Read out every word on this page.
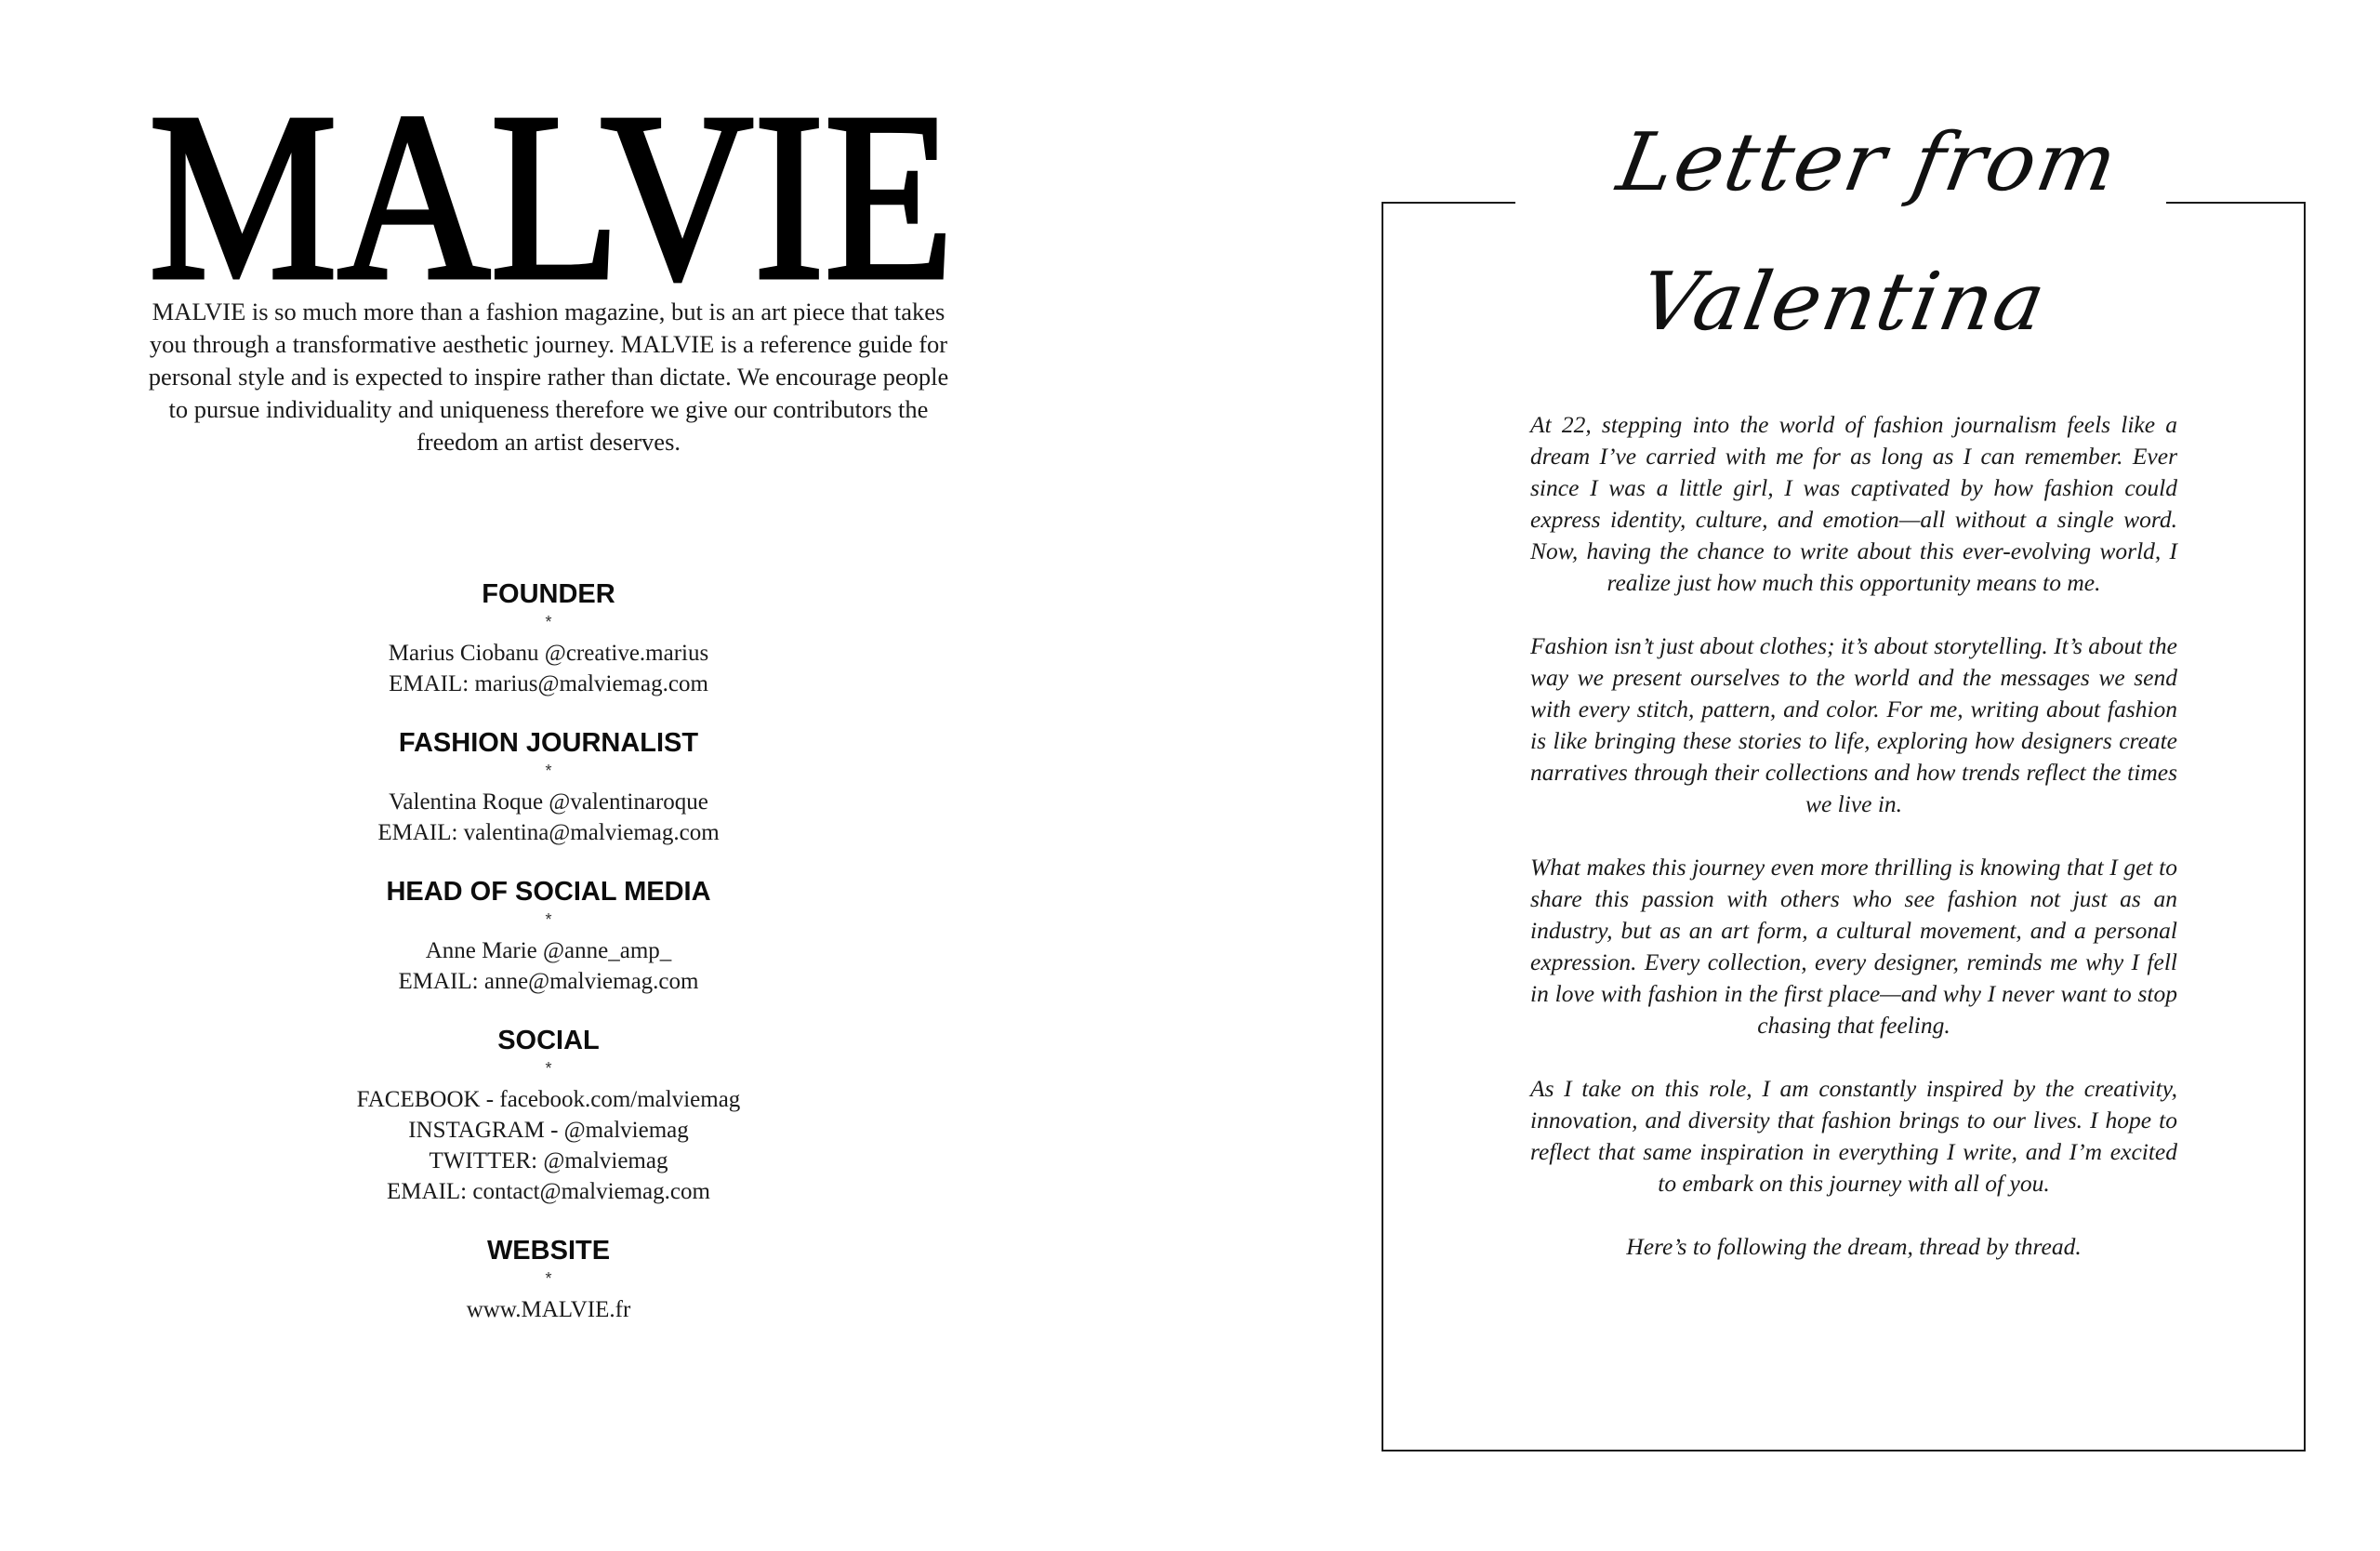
MALVIE

MALVIE is so much more than a fashion magazine, but is an art piece that takes you through a transformative aesthetic journey. MALVIE is a reference guide for personal style and is expected to inspire rather than dictate. We encourage people to pursue individuality and uniqueness therefore we give our contributors the freedom an artist deserves.

FOUNDER

*

Marius Ciobanu @creative.marius

EMAIL: marius@malviemag.com

FASHION JOURNALIST

*

Valentina Roque @valentinaroque

EMAIL: valentina@malviemag.com

HEAD OF SOCIAL MEDIA

*

Anne Marie @anne_amp_

EMAIL: anne@malviemag.com

SOCIAL

*

FACEBOOK - facebook.com/malviemag

INSTAGRAM - @malviemag

TWITTER: @malviemag

EMAIL: contact@malviemag.com

WEBSITE

*

www.MALVIE.fr

Letter from Valentina

At 22, stepping into the world of fashion journalism feels like a dream I’ve carried with me for as long as I can remember. Ever since I was a little girl, I was captivated by how fashion could express identity, culture, and emotion—all without a single word. Now, having the chance to write about this ever-evolving world, I realize just how much this opportunity means to me.

Fashion isn’t just about clothes; it’s about storytelling. It’s about the way we present ourselves to the world and the messages we send with every stitch, pattern, and color. For me, writing about fashion is like bringing these stories to life, exploring how designers create narratives through their collections and how trends reflect the times we live in.

What makes this journey even more thrilling is knowing that I get to share this passion with others who see fashion not just as an industry, but as an art form, a cultural movement, and a personal expression. Every collection, every designer, reminds me why I fell in love with fashion in the first place—and why I never want to stop chasing that feeling.

As I take on this role, I am constantly inspired by the creativity, innovation, and diversity that fashion brings to our lives. I hope to reflect that same inspiration in everything I write, and I’m excited to embark on this journey with all of you.

Here’s to following the dream, thread by thread.
